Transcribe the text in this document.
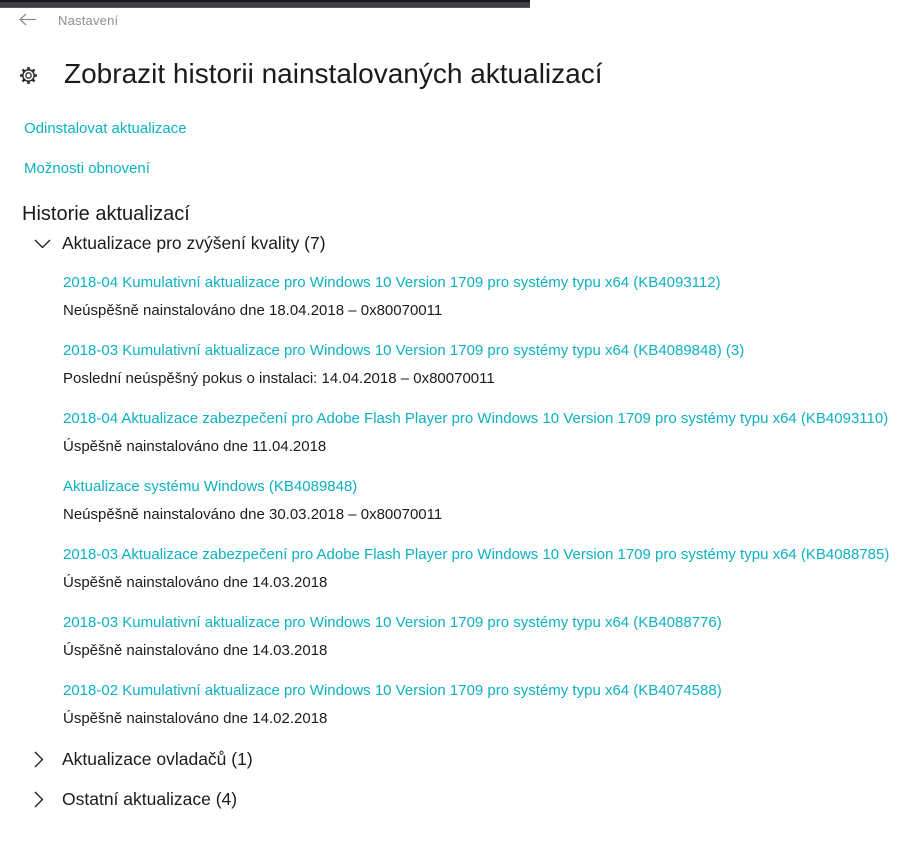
Nastavení
Zobrazit historii nainstalovaných aktualizací
Odinstalovat aktualizace
Možnosti obnovení
Historie aktualizací
Aktualizace pro zvýšení kvality (7)
2018-04 Kumulativní aktualizace pro Windows 10 Version 1709 pro systémy typu x64 (KB4093112)
Neúspěšně nainstalováno dne 18.04.2018 – 0x80070011
2018-03 Kumulativní aktualizace pro Windows 10 Version 1709 pro systémy typu x64 (KB4089848) (3)
Poslední neúspěšný pokus o instalaci: 14.04.2018 – 0x80070011
2018-04 Aktualizace zabezpečení pro Adobe Flash Player pro Windows 10 Version 1709 pro systémy typu x64 (KB4093110)
Úspěšně nainstalováno dne 11.04.2018
Aktualizace systému Windows (KB4089848)
Neúspěšně nainstalováno dne 30.03.2018 – 0x80070011
2018-03 Aktualizace zabezpečení pro Adobe Flash Player pro Windows 10 Version 1709 pro systémy typu x64 (KB4088785)
Úspěšně nainstalováno dne 14.03.2018
2018-03 Kumulativní aktualizace pro Windows 10 Version 1709 pro systémy typu x64 (KB4088776)
Úspěšně nainstalováno dne 14.03.2018
2018-02 Kumulativní aktualizace pro Windows 10 Version 1709 pro systémy typu x64 (KB4074588)
Úspěšně nainstalováno dne 14.02.2018
Aktualizace ovladačů (1)
Ostatní aktualizace (4)
